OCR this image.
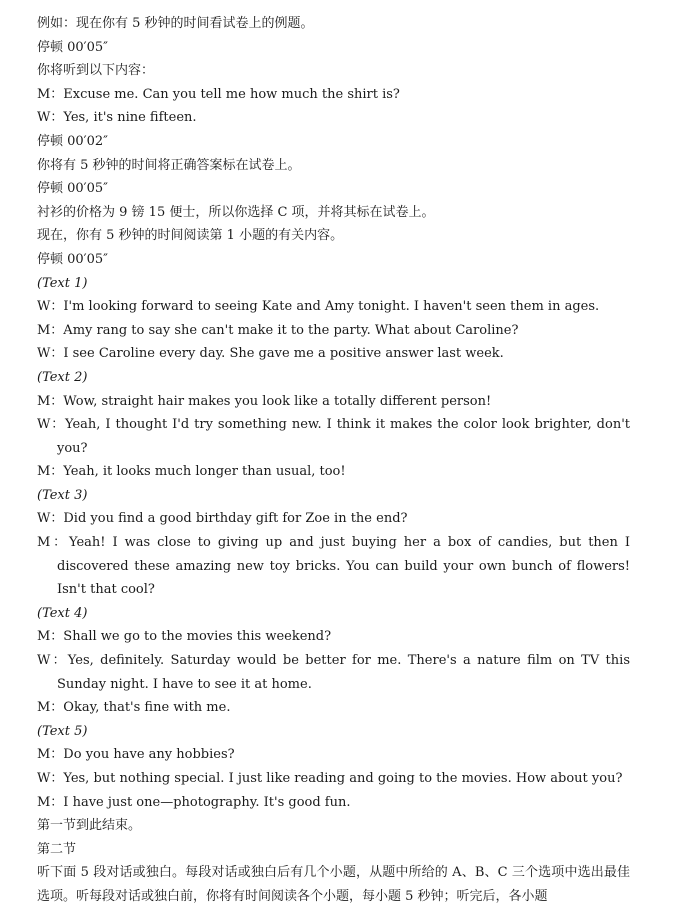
例如：现在你有 5 秒钟的时间看试卷上的例题。
停顿 00′05″
你将听到以下内容：
M：Excuse me. Can you tell me how much the shirt is?
W：Yes, it's nine fifteen.
停顿 00′02″
你将有 5 秒钟的时间将正确答案标在试卷上。
停顿 00′05″
衬衫的价格为 9 镑 15 便士，所以你选择 C 项，并将其标在试卷上。
现在，你有 5 秒钟的时间阅读第 1 小题的有关内容。
停顿 00′05″
(Text 1)
W：I'm looking forward to seeing Kate and Amy tonight. I haven't seen them in ages.
M：Amy rang to say she can't make it to the party. What about Caroline?
W：I see Caroline every day. She gave me a positive answer last week.
(Text 2)
M：Wow, straight hair makes you look like a totally different person!
W：Yeah, I thought I'd try something new. I think it makes the color look brighter, don't you?
M：Yeah, it looks much longer than usual, too!
(Text 3)
W：Did you find a good birthday gift for Zoe in the end?
M：Yeah! I was close to giving up and just buying her a box of candies, but then I discovered these amazing new toy bricks. You can build your own bunch of flowers! Isn't that cool?
(Text 4)
M：Shall we go to the movies this weekend?
W：Yes, definitely. Saturday would be better for me. There's a nature film on TV this Sunday night. I have to see it at home.
M：Okay, that's fine with me.
(Text 5)
M：Do you have any hobbies?
W：Yes, but nothing special. I just like reading and going to the movies. How about you?
M：I have just one—photography. It's good fun.
第一节到此结束。
第二节
听下面 5 段对话或独白。每段对话或独白后有几个小题，从题中所给的 A、B、C 三个选项中选出最佳选项。听每段对话或独白前，你将有时间阅读各个小题，每小题 5 秒钟；听完后，各小题
